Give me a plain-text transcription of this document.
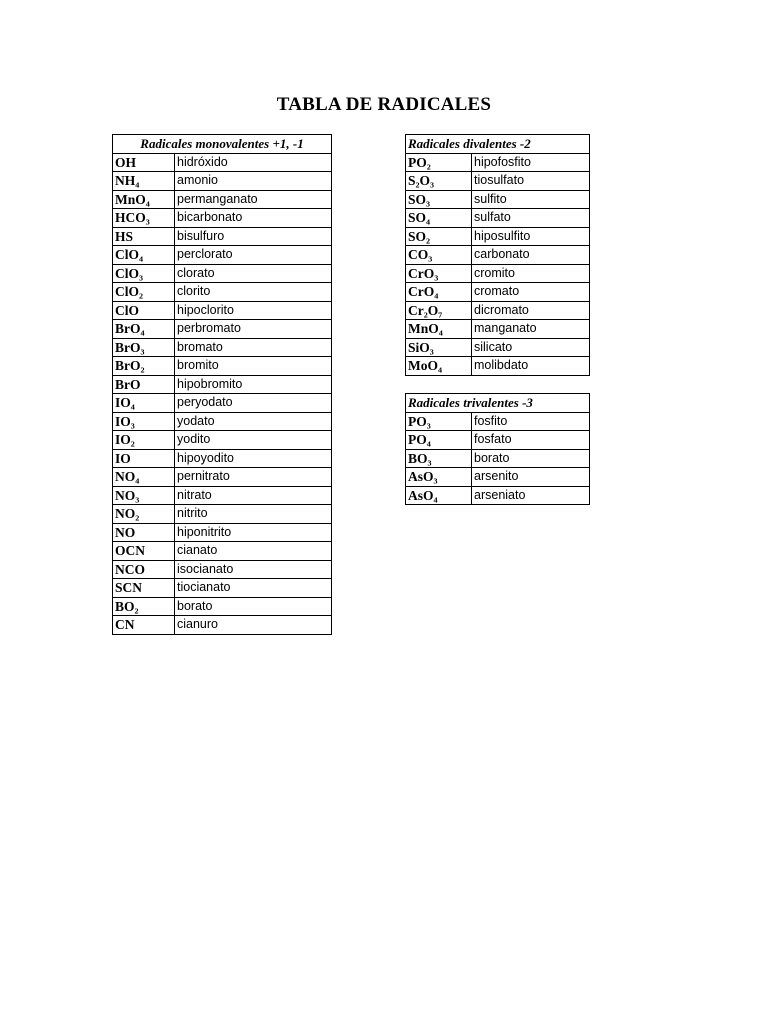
TABLA DE RADICALES
Radicales monovalentes +1, -1	
OH	hidróxido
NH₄	amonio
MnO₄	permanganato
HCO₃	bicarbonato
HS	bisulfuro
ClO₄	perclorato
ClO₃	clorato
ClO₂	clorito
ClO	hipoclorito
BrO₄	perbromato
BrO₃	bromato
BrO₂	bromito
BrO	hipobromito
IO₄	peryodato
IO₃	yodato
IO₂	yodito
IO	hipoyodito
NO₄	pernitrato
NO₃	nitrato
NO₂	nitrito
NO	hiponitrito
OCN	cianato
NCO	isocianato
SCN	tiocianato
BO₂	borato
CN	cianuro
Radicales divalentes -2	
PO₂	hipofosfito
S₂O₃	tiosulfato
SO₃	sulfito
SO₄	sulfato
SO₂	hiposulfito
CO₃	carbonato
CrO₃	cromito
CrO₄	cromato
Cr₂O₇	dicromato
MnO₄	manganato
SiO₃	silicato
MoO₄	molibdato
Radicales trivalentes -3	
PO₃	fosfito
PO₄	fosfato
BO₃	borato
AsO₃	arsenito
AsO₄	arseniato
